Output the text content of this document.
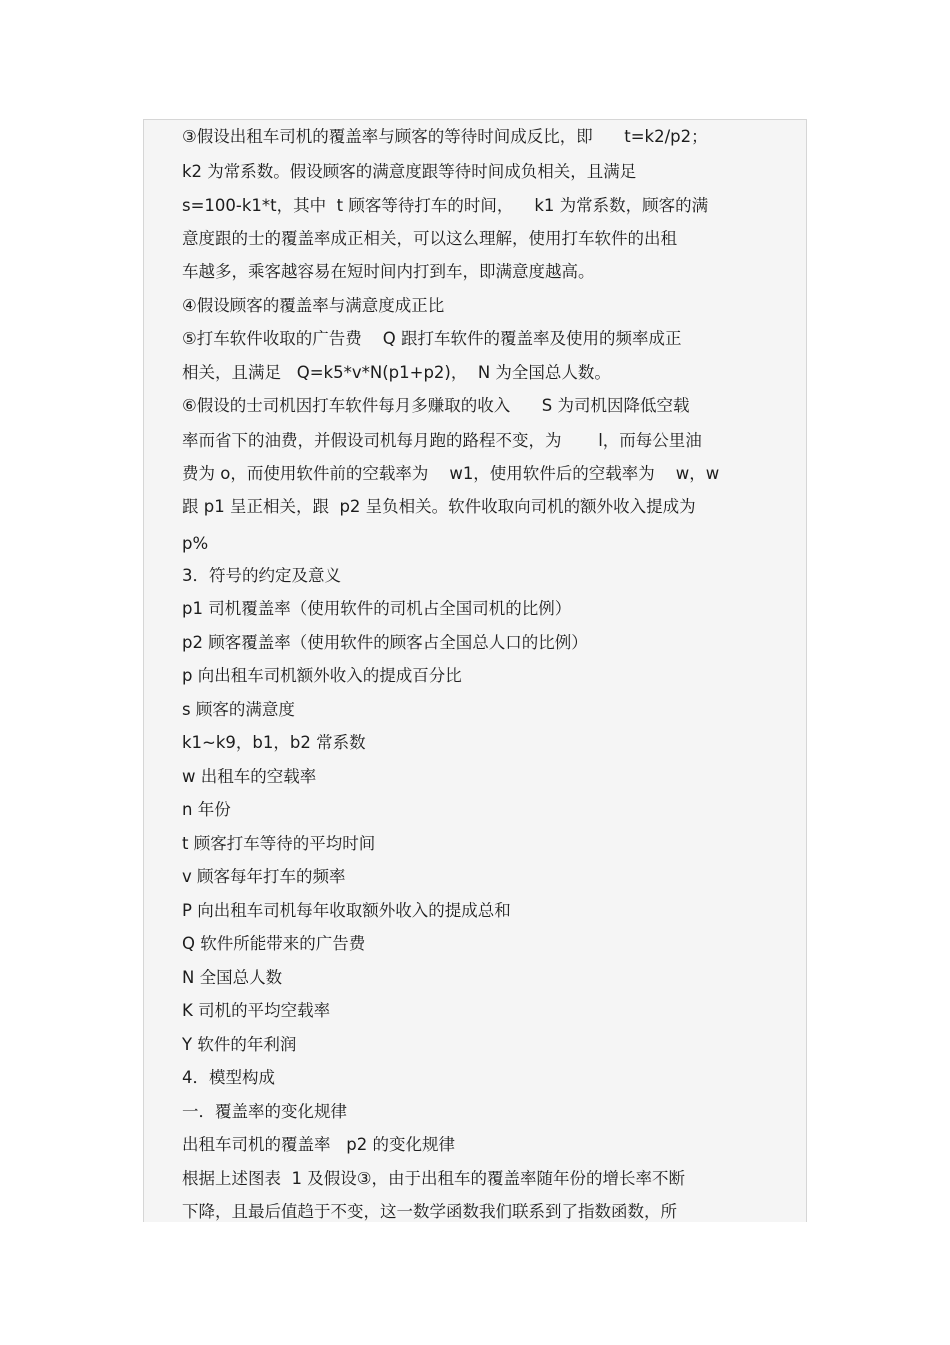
③假设出租车司机的覆盖率与顾客的等待时间成反比，即      t=k2/p2；
k2 为常系数。假设顾客的满意度跟等待时间成负相关，且满足
s=100-k1*t，其中  t 顾客等待打车的时间，    k1 为常系数，顾客的满
意度跟的士的覆盖率成正相关，可以这么理解，使用打车软件的出租
车越多，乘客越容易在短时间内打到车，即满意度越高。
④假设顾客的覆盖率与满意度成正比
⑤打车软件收取的广告费    Q 跟打车软件的覆盖率及使用的频率成正
相关，且满足   Q=k5*v*N(p1+p2)，  N 为全国总人数。
⑥假设的士司机因打车软件每月多赚取的收入      S 为司机因降低空载
率而省下的油费，并假设司机每月跑的路程不变，为       l，而每公里油
费为 o，而使用软件前的空载率为    w1，使用软件后的空载率为    w，w
跟 p1 呈正相关，跟  p2 呈负相关。软件收取向司机的额外收入提成为
p%
3．符号的约定及意义
p1 司机覆盖率（使用软件的司机占全国司机的比例）
p2 顾客覆盖率（使用软件的顾客占全国总人口的比例）
p 向出租车司机额外收入的提成百分比
s 顾客的满意度
k1~k9，b1，b2 常系数
w 出租车的空载率
n 年份
t 顾客打车等待的平均时间
v 顾客每年打车的频率
P 向出租车司机每年收取额外收入的提成总和
Q 软件所能带来的广告费
N 全国总人数
K 司机的平均空载率
Y 软件的年利润
4．模型构成
一．覆盖率的变化规律
出租车司机的覆盖率   p2 的变化规律
根据上述图表  1 及假设③，由于出租车的覆盖率随年份的增长率不断
下降，且最后值趋于不变，这一数学函数我们联系到了指数函数，所
